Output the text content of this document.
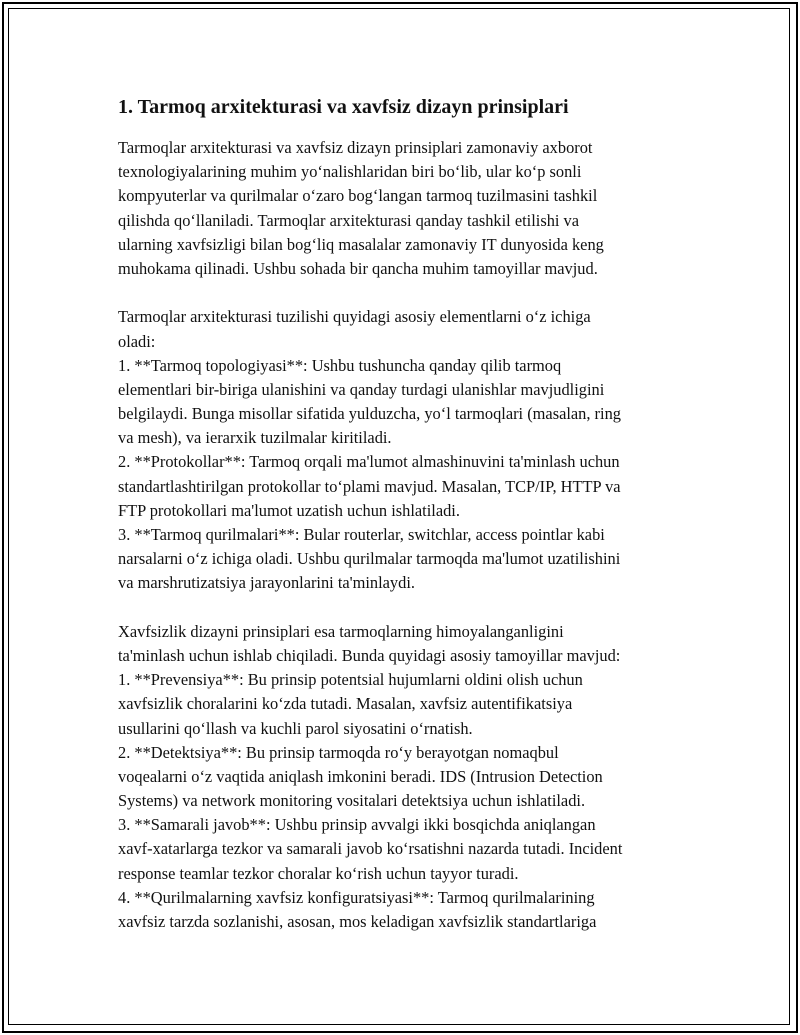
1. Tarmoq arxitekturasi va xavfsiz dizayn prinsiplari
Tarmoqlar arxitekturasi va xavfsiz dizayn prinsiplari zamonaviy axborot
texnologiyalarining muhim yo‘nalishlaridan biri bo‘lib, ular ko‘p sonli
kompyuterlar va qurilmalar o‘zaro bog‘langan tarmoq tuzilmasini tashkil
qilishda qo‘llaniladi. Tarmoqlar arxitekturasi qanday tashkil etilishi va
ularning xavfsizligi bilan bog‘liq masalalar zamonaviy IT dunyosida keng
muhokama qilinadi. Ushbu sohada bir qancha muhim tamoyillar mavjud.
Tarmoqlar arxitekturasi tuzilishi quyidagi asosiy elementlarni o‘z ichiga
oladi:
1. **Tarmoq topologiyasi**: Ushbu tushuncha qanday qilib tarmoq
elementlari bir-biriga ulanishini va qanday turdagi ulanishlar mavjudligini
belgilaydi. Bunga misollar sifatida yulduzcha, yo‘l tarmoqlari (masalan, ring
va mesh), va ierarxik tuzilmalar kiritiladi.
2. **Protokollar**: Tarmoq orqali ma'lumot almashinuvini ta'minlash uchun
standartlashtirilgan protokollar to‘plami mavjud. Masalan, TCP/IP, HTTP va
FTP protokollari ma'lumot uzatish uchun ishlatiladi.
3. **Tarmoq qurilmalari**: Bular routerlar, switchlar, access pointlar kabi
narsalarni o‘z ichiga oladi. Ushbu qurilmalar tarmoqda ma'lumot uzatilishini
va marshrutizatsiya jarayonlarini ta'minlaydi.
Xavfsizlik dizayni prinsiplari esa tarmoqlarning himoyalanganligini
ta'minlash uchun ishlab chiqiladi. Bunda quyidagi asosiy tamoyillar mavjud:
1. **Prevensiya**: Bu prinsip potentsial hujumlarni oldini olish uchun
xavfsizlik choralarini ko‘zda tutadi. Masalan, xavfsiz autentifikatsiya
usullarini qo‘llash va kuchli parol siyosatini o‘rnatish.
2. **Detektsiya**: Bu prinsip tarmoqda ro‘y berayotgan nomaqbul
voqealarni o‘z vaqtida aniqlash imkonini beradi. IDS (Intrusion Detection
Systems) va network monitoring vositalari detektsiya uchun ishlatiladi.
3. **Samarali javob**: Ushbu prinsip avvalgi ikki bosqichda aniqlangan
xavf-xatarlarga tezkor va samarali javob ko‘rsatishni nazarda tutadi. Incident
response teamlar tezkor choralar ko‘rish uchun tayyor turadi.
4. **Qurilmalarning xavfsiz konfiguratsiyasi**: Tarmoq qurilmalarining
xavfsiz tarzda sozlanishi, asosan, mos keladigan xavfsizlik standartlariga
